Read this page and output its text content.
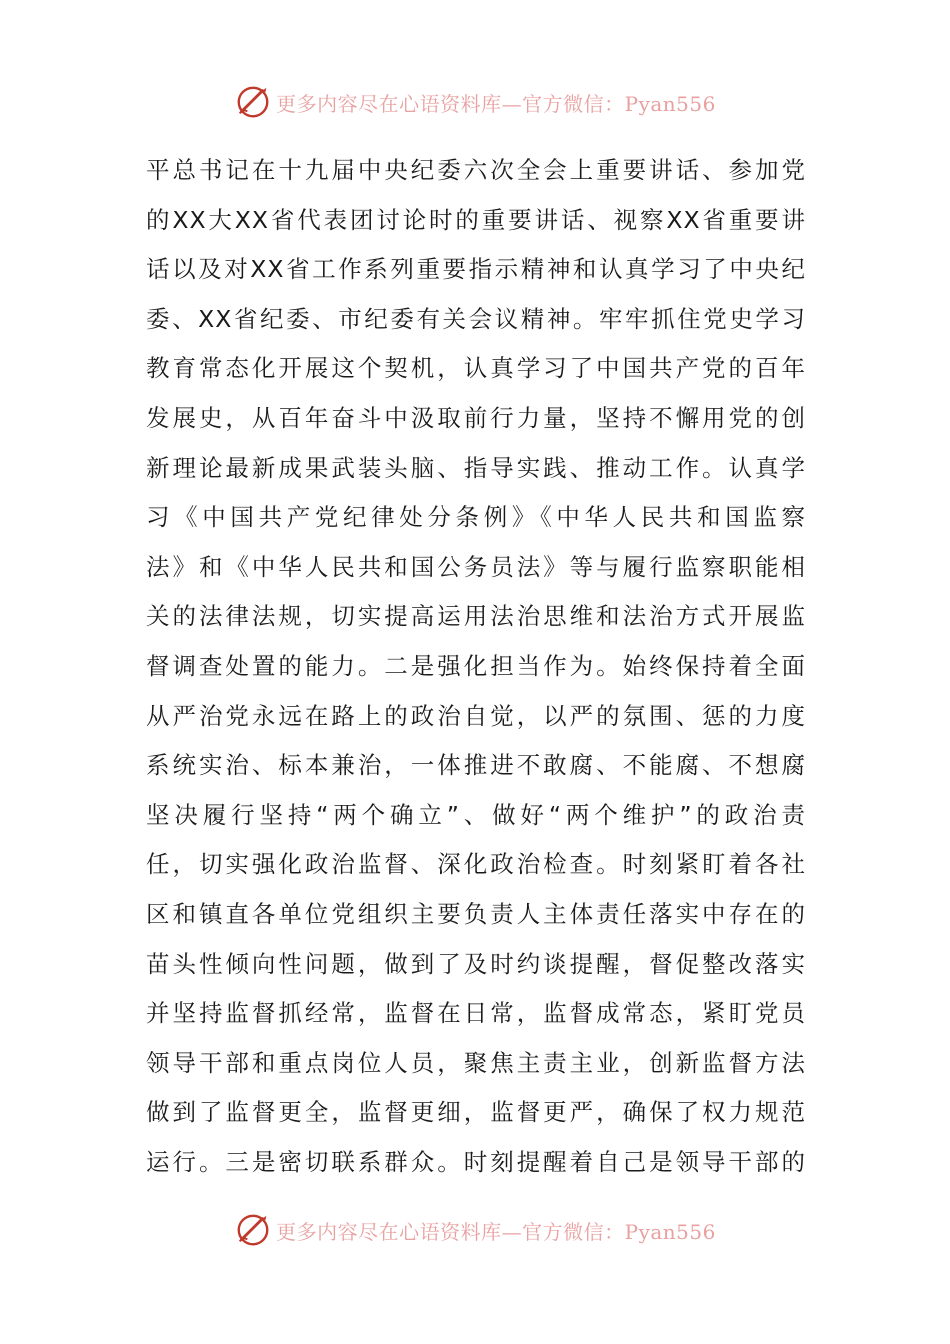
更多内容尽在心语资料库—官方微信：Pyan556
平总书记在十九届中央纪委六次全会上重要讲话、参加党
的XX大XX省代表团讨论时的重要讲话、视察XX省重要讲
话以及对XX省工作系列重要指示精神和认真学习了中央纪
委、XX省纪委、市纪委有关会议精神。牢牢抓住党史学习
教育常态化开展这个契机，认真学习了中国共产党的百年
发展史，从百年奋斗中汲取前行力量，坚持不懈用党的创
新理论最新成果武装头脑、指导实践、推动工作。认真学
习《中国共产党纪律处分条例》《中华人民共和国监察
法》和《中华人民共和国公务员法》等与履行监察职能相
关的法律法规，切实提高运用法治思维和法治方式开展监
督调查处置的能力。二是强化担当作为。始终保持着全面
从严治党永远在路上的政治自觉，以严的氛围、惩的力度
系统实治、标本兼治，一体推进不敢腐、不能腐、不想腐
坚决履行坚持“两个确立”、做好“两个维护”的政治责
任，切实强化政治监督、深化政治检查。时刻紧盯着各社
区和镇直各单位党组织主要负责人主体责任落实中存在的
苗头性倾向性问题，做到了及时约谈提醒，督促整改落实
并坚持监督抓经常，监督在日常，监督成常态，紧盯党员
领导干部和重点岗位人员，聚焦主责主业，创新监督方法
做到了监督更全，监督更细，监督更严，确保了权力规范
运行。三是密切联系群众。时刻提醒着自己是领导干部的
更多内容尽在心语资料库—官方微信：Pyan556
